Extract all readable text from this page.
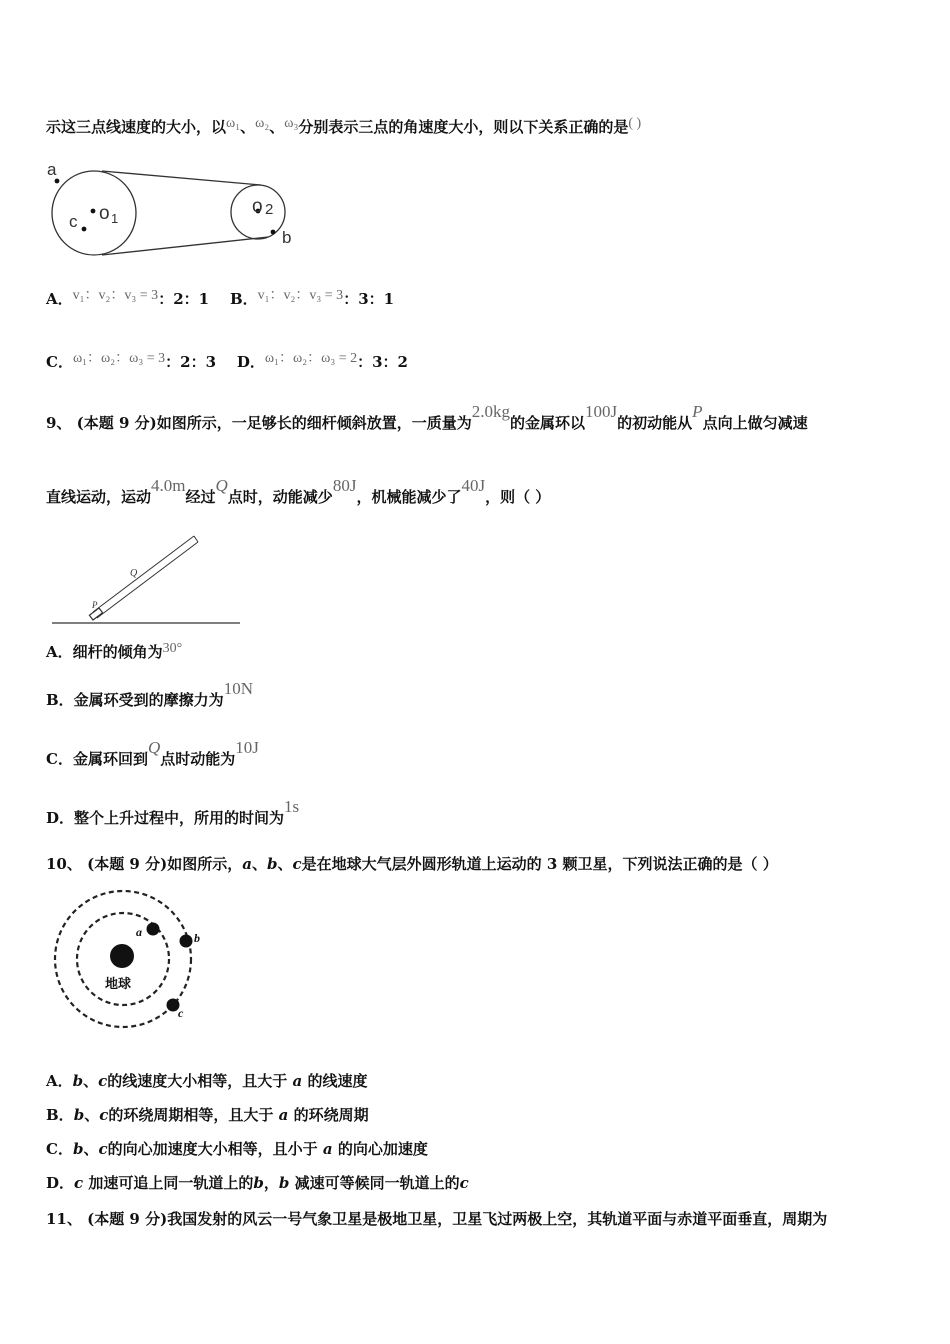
示这三点线速度的大小，以ω₁、ω₂、ω₃分别表示三点的角速度大小，则以下关系正确的是( )
a
c o 1
o 2
b
A．v₁：v₂：v₃ = 3：2：1 B．v₁：v₂：v₃ = 3：3：1
C．ω₁：ω₂：ω₃ = 3：2：3 D．ω₁：ω₂：ω₃ = 2：3：2
9、 (本题 9 分)如图所示，一足够长的细杆倾斜放置，一质量为2.0kg的金属环以100J的初动能从P点向上做匀减速
直线运动，运动4.0m经过Q点时，动能减少80J，机械能减少了40J，则（ ）
Q
P
A．细杆的倾角为30°
B．金属环受到的摩擦力为10N
C．金属环回到Q点时动能为10J
D．整个上升过程中，所用的时间为1s
10、 (本题 9 分)如图所示，a、b、c是在地球大气层外圆形轨道上运动的 3 颗卫星，下列说法正确的是（ ）
地球
a	b
c
A．b、c的线速度大小相等，且大于 a 的线速度
B．b、c的环绕周期相等，且大于 a 的环绕周期
C．b、c的向心加速度大小相等，且小于 a 的向心加速度
D．c 加速可追上同一轨道上的b，b 减速可等候同一轨道上的c
11、 (本题 9 分)我国发射的风云一号气象卫星是极地卫星，卫星飞过两极上空，其轨道平面与赤道平面垂直，周期为
